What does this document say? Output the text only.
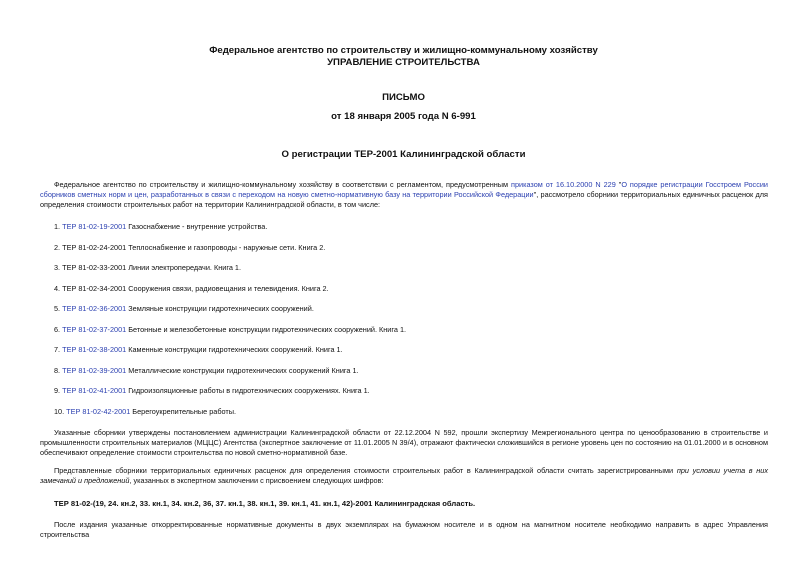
Федеральное агентство по строительству и жилищно-коммунальному хозяйству
УПРАВЛЕНИЕ СТРОИТЕЛЬСТВА
ПИСЬМО
от 18 января 2005 года N 6-991
О регистрации ТЕР-2001 Калининградской области
Федеральное агентство по строительству и жилищно-коммунальному хозяйству в соответствии с регламентом, предусмотренным приказом от 16.10.2000 N 229 "О порядке регистрации Госстроем России сборников сметных норм и цен, разработанных в связи с переходом на новую сметно-нормативную базу на территории Российской Федерации", рассмотрело сборники территориальных единичных расценок для определения стоимости строительных работ на территории Калининградской области, в том числе:
1. ТЕР 81-02-19-2001 Газоснабжение - внутренние устройства.
2. ТЕР 81-02-24-2001 Теплоснабжение и газопроводы - наружные сети. Книга 2.
3. ТЕР 81-02-33-2001 Линии электропередачи. Книга 1.
4. ТЕР 81-02-34-2001 Сооружения связи, радиовещания и телевидения. Книга 2.
5. ТЕР 81-02-36-2001 Земляные конструкции гидротехнических сооружений.
6. ТЕР 81-02-37-2001 Бетонные и железобетонные конструкции гидротехнических сооружений. Книга 1.
7. ТЕР 81-02-38-2001 Каменные конструкции гидротехнических сооружений. Книга 1.
8. ТЕР 81-02-39-2001 Металлические конструкции гидротехнических сооружений Книга 1.
9. ТЕР 81-02-41-2001 Гидроизоляционные работы в гидротехнических сооружениях. Книга 1.
10. ТЕР 81-02-42-2001 Берегоукрепительные работы.
Указанные сборники утверждены постановлением администрации Калининградской области от 22.12.2004 N 592, прошли экспертизу Межрегионального центра по ценообразованию в строительстве и промышленности строительных материалов (МЦЦС) Агентства (экспертное заключение от 11.01.2005 N 39/4), отражают фактически сложившийся в регионе уровень цен по состоянию на 01.01.2000 и в основном обеспечивают определение стоимости строительства по новой сметно-нормативной базе.
Представленные сборники территориальных единичных расценок для определения стоимости строительных работ в Калининградской области считать зарегистрированными при условии учета в них замечаний и предложений, указанных в экспертном заключении с присвоением следующих шифров:
ТЕР 81-02-(19, 24. кн.2, 33. кн.1, 34. кн.2, 36, 37. кн.1, 38. кн.1, 39. кн.1, 41. кн.1, 42)-2001 Калининградская область.
После издания указанные откорректированные нормативные документы в двух экземплярах на бумажном носителе и в одном на магнитном носителе необходимо направить в адрес Управления строительства
